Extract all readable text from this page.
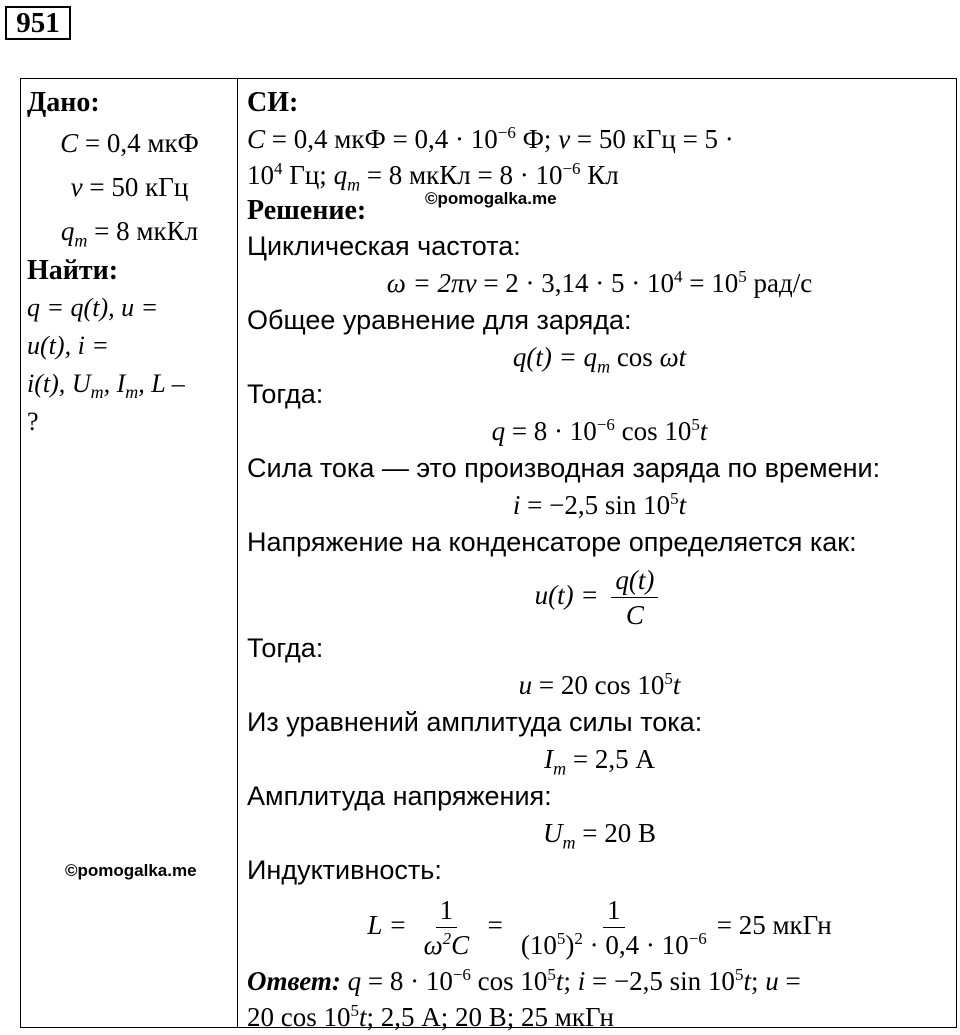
951
Дано:
C = 0,4 мкФ
ν = 50 кГц
$q_m = 8$ мкКл
Найти:
q = q(t), u =
u(t), i =
i(t), $U_m$, $I_m$, L –
?
СИ:
C = 0,4 мкФ = $0,4 \cdot 10^{-6}$ Ф; ν = 50 кГц = 5 ·
$10^4$ Гц; $q_m = 8$ мкКл = $8 \cdot 10^{-6}$ Кл
Решение:
Циклическая частота:
$\omega = 2\pi\nu = 2 \cdot 3,14 \cdot 5 \cdot 10^4 = 10^5$ рад/с
Общее уравнение для заряда:
$q(t) = q_m$ cos ωt
Тогда:
$q = 8 \cdot 10^{-6}$ $\cos 10^5t$
Сила тока — это производная заряда по времени:
i = −2,5 $\sin 10^5t$
Напряжение на конденсаторе определяется как:
$u(t) = \frac{q(t)}{C}$
Тогда:
u = 20 $\cos 10^5t$
Из уравнений амплитуда силы тока:
$I_m = 2,5$ А
Амплитуда напряжения:
$U_m = 20$ В
Индуктивность:
$L = \frac{1}{\omega^2C} = \frac{1}{(10^5)^2 \cdot 0,4 \cdot 10^{-6}} = 25$ мкГн
Ответ: $q = 8 \cdot 10^{-6}$ $\cos 10^5t$; i = −2,5 $\sin 10^5t$; u =
20 $\cos 10^5t$; 2,5 А; 20 В; 25 мкГн
©pomogalka.me
©pomogalka.me
